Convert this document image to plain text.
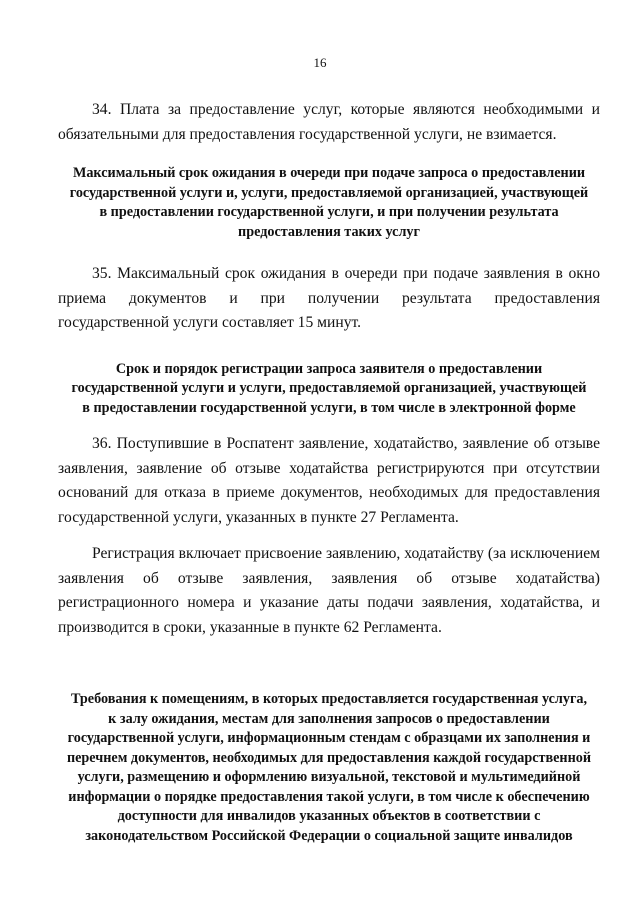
16

34. Плата за предоставление услуг, которые являются необходимыми и обязательными для предоставления государственной услуги, не взимается.

Максимальный срок ожидания в очереди при подаче запроса о предоставлении государственной услуги и, услуги, предоставляемой организацией, участвующей в предоставлении государственной услуги, и при получении результата предоставления таких услуг

35. Максимальный срок ожидания в очереди при подаче заявления в окно приема документов и при получении результата предоставления государственной услуги составляет 15 минут.

Срок и порядок регистрации запроса заявителя о предоставлении государственной услуги и услуги, предоставляемой организацией, участвующей в предоставлении государственной услуги, в том числе в электронной форме

36. Поступившие в Роспатент заявление, ходатайство, заявление об отзыве заявления, заявление об отзыве ходатайства регистрируются при отсутствии оснований для отказа в приеме документов, необходимых для предоставления государственной услуги, указанных в пункте 27 Регламента.

Регистрация включает присвоение заявлению, ходатайству (за исключением заявления об отзыве заявления, заявления об отзыве ходатайства) регистрационного номера и указание даты подачи заявления, ходатайства, и производится в сроки, указанные в пункте 62 Регламента.

Требования к помещениям, в которых предоставляется государственная услуга, к залу ожидания, местам для заполнения запросов о предоставлении государственной услуги, информационным стендам с образцами их заполнения и перечнем документов, необходимых для предоставления каждой государственной услуги, размещению и оформлению визуальной, текстовой и мультимедийной информации о порядке предоставления такой услуги, в том числе к обеспечению доступности для инвалидов указанных объектов в соответствии с законодательством Российской Федерации о социальной защите инвалидов
